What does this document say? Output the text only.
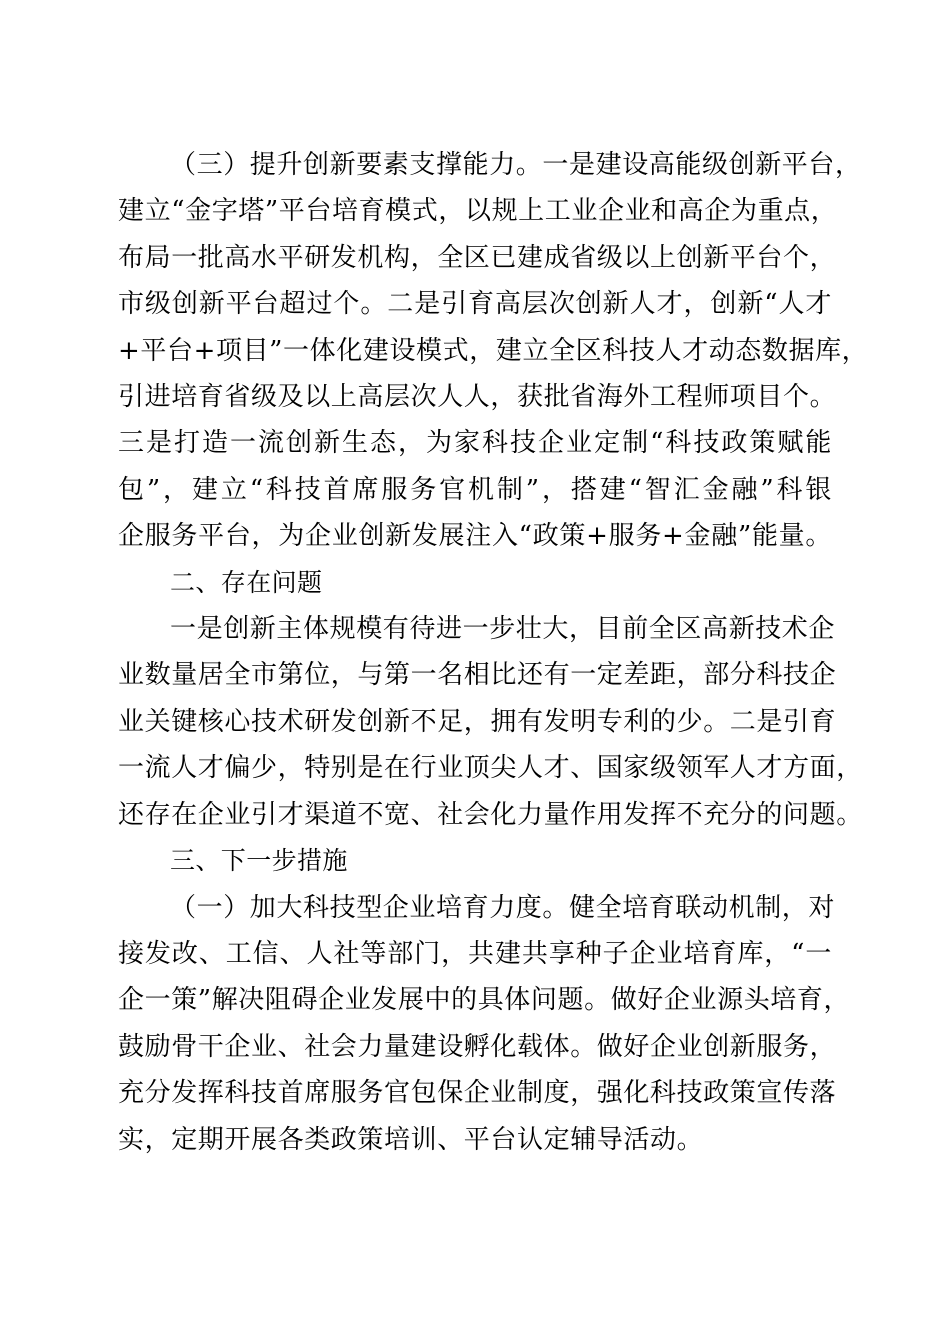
（三）提升创新要素支撑能力。一是建设高能级创新平台，
建立“金字塔”平台培育模式，以规上工业企业和高企为重点，
布局一批高水平研发机构，全区已建成省级以上创新平台个，
市级创新平台超过个。二是引育高层次创新人才，创新“人才
+平台+项目”一体化建设模式，建立全区科技人才动态数据库，
引进培育省级及以上高层次人人，获批省海外工程师项目个。
三是打造一流创新生态，为家科技企业定制“科技政策赋能
包”，建立“科技首席服务官机制”，搭建“智汇金融”科银
企服务平台，为企业创新发展注入“政策+服务+金融”能量。
二、存在问题
一是创新主体规模有待进一步壮大，目前全区高新技术企
业数量居全市第位，与第一名相比还有一定差距，部分科技企
业关键核心技术研发创新不足，拥有发明专利的少。二是引育
一流人才偏少，特别是在行业顶尖人才、国家级领军人才方面，
还存在企业引才渠道不宽、社会化力量作用发挥不充分的问题。
三、下一步措施
（一）加大科技型企业培育力度。健全培育联动机制，对
接发改、工信、人社等部门，共建共享种子企业培育库，“一
企一策”解决阻碍企业发展中的具体问题。做好企业源头培育，
鼓励骨干企业、社会力量建设孵化载体。做好企业创新服务，
充分发挥科技首席服务官包保企业制度，强化科技政策宣传落
实，定期开展各类政策培训、平台认定辅导活动。
